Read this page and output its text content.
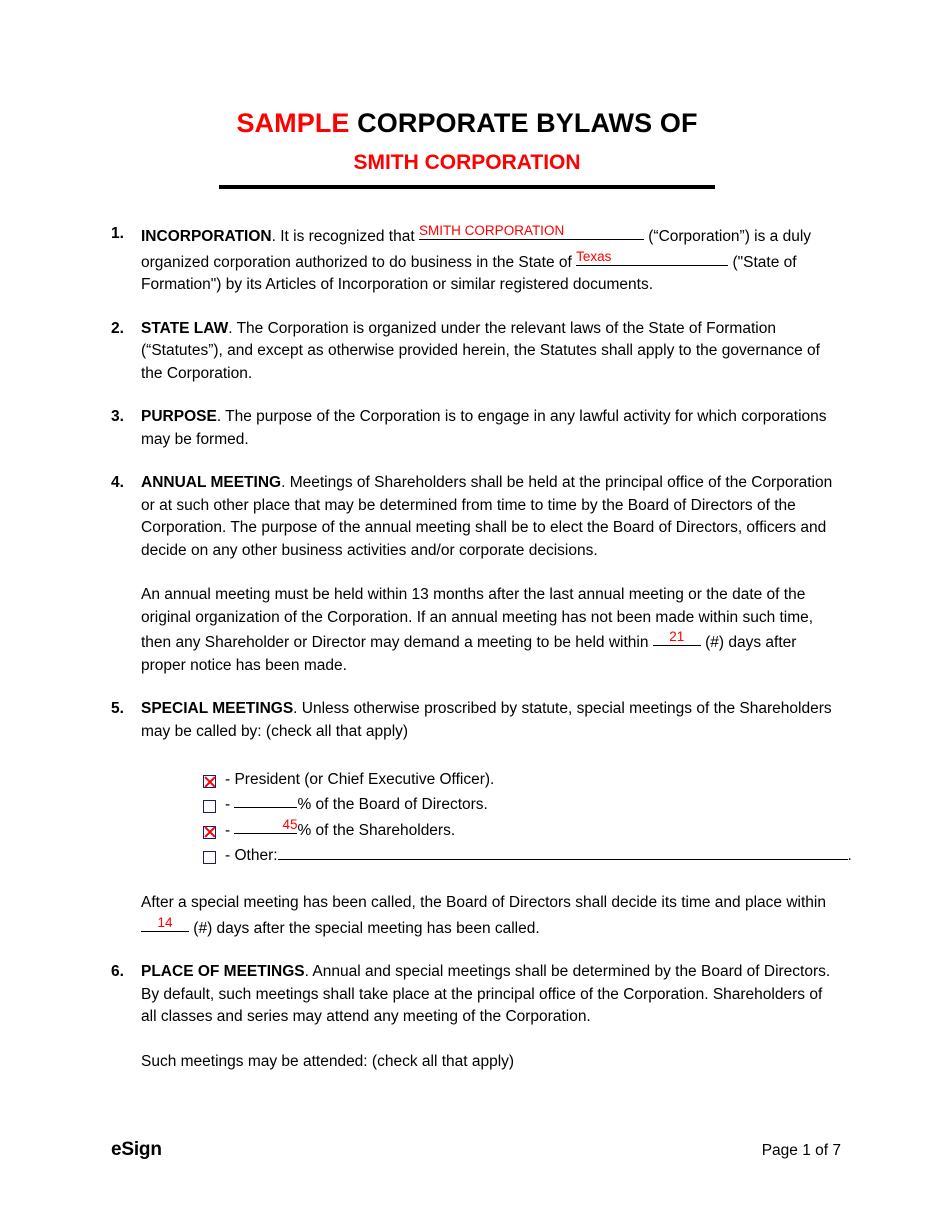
SAMPLE CORPORATE BYLAWS OF
SMITH CORPORATION
1.	INCORPORATION. It is recognized that SMITH CORPORATION	(“Corporation”) is a duly organized corporation authorized to do business in the State of Texas	("State of Formation") by its Articles of Incorporation or similar registered documents.
2.	STATE LAW. The Corporation is organized under the relevant laws of the State of Formation (“Statutes”), and except as otherwise provided herein, the Statutes shall apply to the governance of the Corporation.
3.	PURPOSE. The purpose of the Corporation is to engage in any lawful activity for which corporations may be formed.
4.	ANNUAL MEETING. Meetings of Shareholders shall be held at the principal office of the Corporation or at such other place that may be determined from time to time by the Board of Directors of the Corporation. The purpose of the annual meeting shall be to elect the Board of Directors, officers and decide on any other business activities and/or corporate decisions.
An annual meeting must be held within 13 months after the last annual meeting or the date of the original organization of the Corporation. If an annual meeting has not been made within such time, then any Shareholder or Director may demand a meeting to be held within 21 (#) days after proper notice has been made.
5.	SPECIAL MEETINGS. Unless otherwise proscribed by statute, special meetings of the Shareholders may be called by: (check all that apply)
- President (or Chief Executive Officer).
-	% of the Board of Directors.
-	45% of the Shareholders.
- Other:	.
After a special meeting has been called, the Board of Directors shall decide its time and place within 14 (#) days after the special meeting has been called.
6.	PLACE OF MEETINGS. Annual and special meetings shall be determined by the Board of Directors. By default, such meetings shall take place at the principal office of the Corporation. Shareholders of all classes and series may attend any meeting of the Corporation.
Such meetings may be attended: (check all that apply)
eSign	Page 1 of 7
